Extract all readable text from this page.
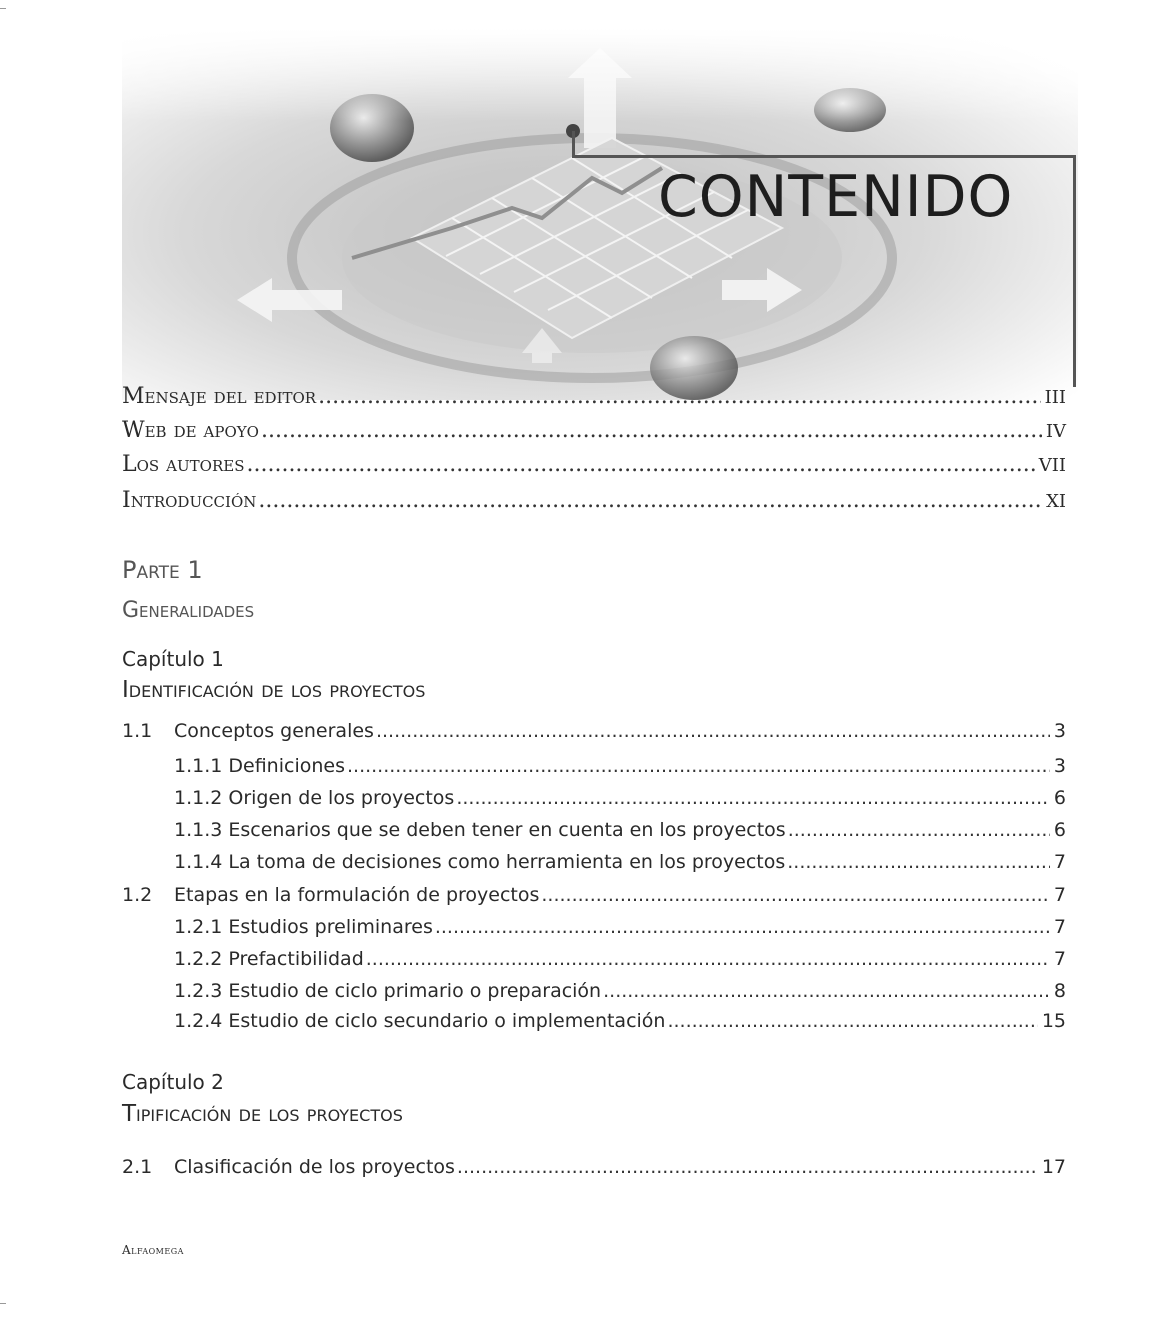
CONTENIDO
Mensaje del editor .....	III
Web de apoyo .....	IV
Los autores .....	VII
Introducción .....	XI
Parte 1
Generalidades
Capítulo 1
Identificación de los proyectos
1.1	Conceptos generales .....	3
1.1.1 Definiciones .....	3
1.1.2 Origen de los proyectos .....	6
1.1.3 Escenarios que se deben tener en cuenta en los proyectos .....	6
1.1.4 La toma de decisiones como herramienta en los proyectos .....	7
1.2	Etapas en la formulación de proyectos .....	7
1.2.1 Estudios preliminares .....	7
1.2.2 Prefactibilidad .....	7
1.2.3 Estudio de ciclo primario o preparación .....	8
1.2.4 Estudio de ciclo secundario o implementación .....	15
Capítulo 2
Tipificación de los proyectos
2.1	Clasificación de los proyectos .....	17
Alfaomega
